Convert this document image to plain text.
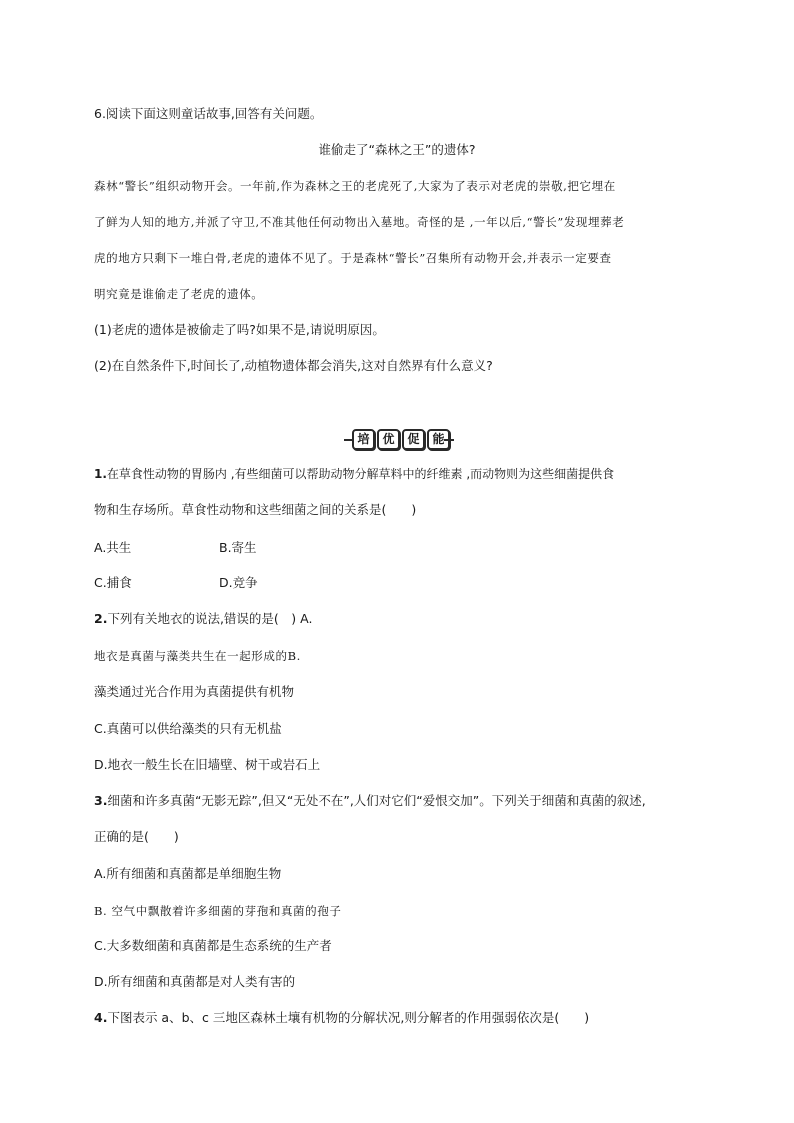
6.阅读下面这则童话故事,回答有关问题。
谁偷走了“森林之王”的遗体?
森林“警长”组织动物开会。一年前,作为森林之王的老虎死了,大家为了表示对老虎的崇敬,把它埋在
了鲜为人知的地方,并派了守卫,不准其他任何动物出入墓地。奇怪的是 ,一年以后,“警长”发现埋葬老
虎的地方只剩下一堆白骨,老虎的遗体不见了。于是森林“警长”召集所有动物开会,并表示一定要查
明究竟是谁偷走了老虎的遗体。
(1)老虎的遗体是被偷走了吗?如果不是,请说明原因。
(2)在自然条件下,时间长了,动植物遗体都会消失,这对自然界有什么意义?
培	优	促	能
1.在草食性动物的胃肠内 ,有些细菌可以帮助动物分解草料中的纤维素 ,而动物则为这些细菌提供食
物和生存场所。草食性动物和这些细菌之间的关系是(　　)
A.共生	B.寄生
C.捕食	D.竞争
2.下列有关地衣的说法,错误的是(　) A.
地衣是真菌与藻类共生在一起形成的B.
藻类通过光合作用为真菌提供有机物
C.真菌可以供给藻类的只有无机盐
D.地衣一般生长在旧墙壁、树干或岩石上
3.细菌和许多真菌“无影无踪”,但又“无处不在”,人们对它们“爱恨交加”。下列关于细菌和真菌的叙述,
正确的是(　　)
A.所有细菌和真菌都是单细胞生物
B. 空气中飘散着许多细菌的芽孢和真菌的孢子
C.大多数细菌和真菌都是生态系统的生产者
D.所有细菌和真菌都是对人类有害的
4.下图表示 a、b、c 三地区森林土壤有机物的分解状况,则分解者的作用强弱依次是(　　)
